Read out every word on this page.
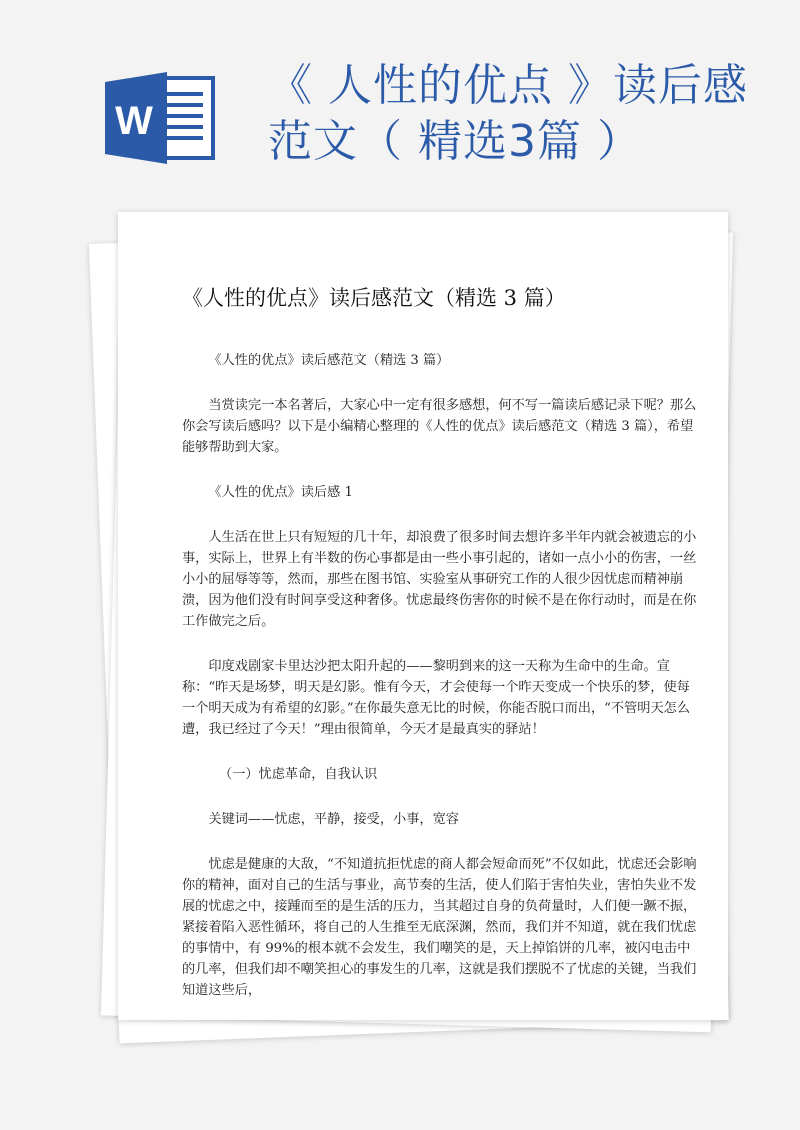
W
《 人性的优点 》读后感
范文（ 精选3篇 ）
《人性的优点》读后感范文（精选 3 篇）

《人性的优点》读后感范文（精选 3 篇）

当赏读完一本名著后，大家心中一定有很多感想，何不写一篇读后感记录下呢？那么你会写读后感吗？以下是小编精心整理的《人性的优点》读后感范文（精选 3 篇），希望能够帮助到大家。

《人性的优点》读后感 1

人生活在世上只有短短的几十年，却浪费了很多时间去想许多半年内就会被遗忘的小事，实际上，世界上有半数的伤心事都是由一些小事引起的，诸如一点小小的伤害，一丝小小的屈辱等等，然而，那些在图书馆、实验室从事研究工作的人很少因忧虑而精神崩溃，因为他们没有时间享受这种奢侈。忧虑最终伤害你的时候不是在你行动时，而是在你工作做完之后。

印度戏剧家卡里达沙把太阳升起的——黎明到来的这一天称为生命中的生命。宣称：“昨天是场梦，明天是幻影。惟有今天，才会使每一个昨天变成一个快乐的梦，使每一个明天成为有希望的幻影。”在你最失意无比的时候，你能否脱口而出，“不管明天怎么遭，我已经过了今天！”理由很简单，今天才是最真实的驿站！

（一）忧虑革命，自我认识

关键词——忧虑，平静，接受，小事，宽容

忧虑是健康的大敌，“不知道抗拒忧虑的商人都会短命而死”不仅如此，忧虑还会影响你的精神，面对自己的生活与事业，高节奏的生活，使人们陷于害怕失业，害怕失业不发展的忧虑之中，接踵而至的是生活的压力，当其超过自身的负荷量时，人们便一蹶不振，紧接着陷入恶性循环，将自己的人生推至无底深渊，然而，我们并不知道，就在我们忧虑的事情中，有 99%的根本就不会发生，我们嘲笑的是，天上掉馅饼的几率，被闪电击中的几率，但我们却不嘲笑担心的事发生的几率，这就是我们摆脱不了忧虑的关键，当我们知道这些后，
